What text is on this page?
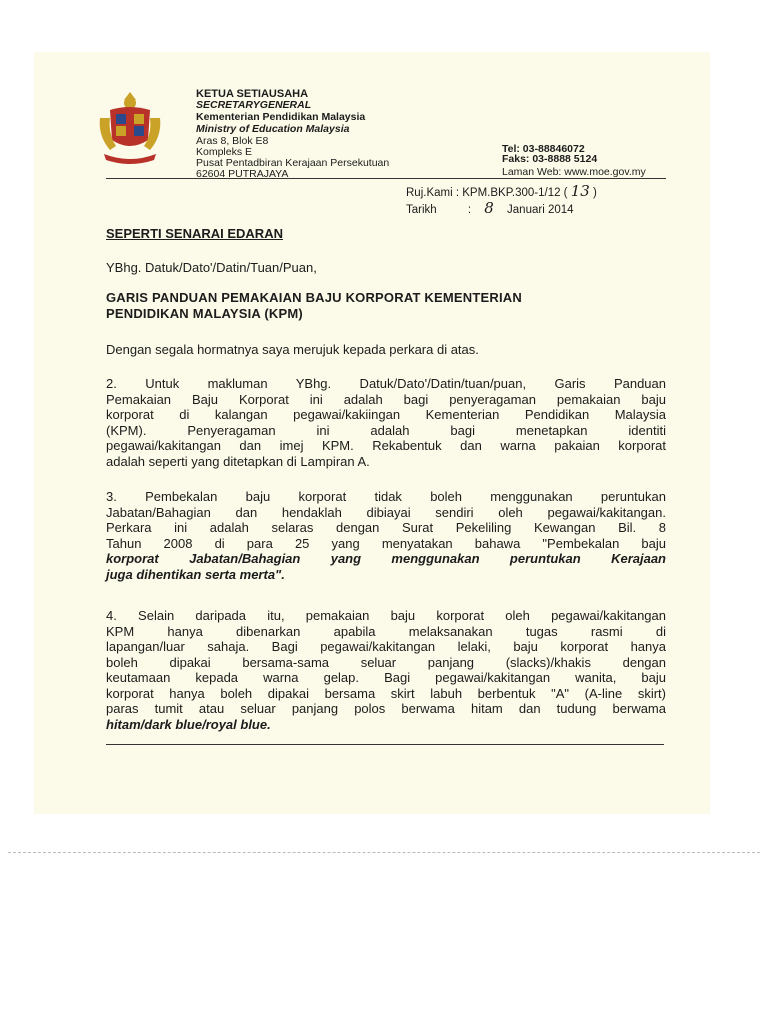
KETUA SETIAUSAHA
SECRETARYGENERAL
Kementerian Pendidikan Malaysia
Ministry of Education Malaysia
Aras 8, Blok E8
Kompleks E
Pusat Pentadbiran Kerajaan Persekutuan
62604 PUTRAJAYA
Tel: 03-88846072
Faks: 03-8888 5124
Laman Web: www.moe.gov.my
Ruj.Kami : KPM.BKP.300-1/12 ( 13 )
Tarikh	: 8 Januari 2014
SEPERTI SENARAI EDARAN
YBhg. Datuk/Dato'/Datin/Tuan/Puan,
GARIS PANDUAN PEMAKAIAN BAJU KORPORAT KEMENTERIAN
PENDIDIKAN MALAYSIA (KPM)
Dengan segala hormatnya saya merujuk kepada perkara di atas.

2. Untuk makluman YBhg. Datuk/Dato'/Datin/tuan/puan, Garis Panduan

Pemakaian Baju Korporat ini adalah bagi penyeragaman pemakaian baju

korporat di kalangan pegawai/kakiingan Kementerian Pendidikan Malaysia

(KPM). Penyeragaman ini adalah bagi menetapkan identiti

pegawai/kakitangan dan imej KPM. Rekabentuk dan warna pakaian korporat

adalah seperti yang ditetapkan di Lampiran A.

3. Pembekalan baju korporat tidak boleh menggunakan peruntukan

Jabatan/Bahagian dan hendaklah dibiayai sendiri oleh pegawai/kakitangan.

Perkara ini adalah selaras dengan Surat Pekeliling Kewangan Bil. 8

Tahun 2008 di para 25 yang menyatakan bahawa "Pembekalan baju

korporat Jabatan/Bahagian yang menggunakan peruntukan Kerajaan

juga dihentikan serta merta".

4. Selain daripada itu, pemakaian baju korporat oleh pegawai/kakitangan

KPM hanya dibenarkan apabila melaksanakan tugas rasmi di

lapangan/luar sahaja. Bagi pegawai/kakitangan lelaki, baju korporat hanya

boleh dipakai bersama-sama seluar panjang (slacks)/khakis dengan

keutamaan kepada warna gelap. Bagi pegawai/kakitangan wanita, baju

korporat hanya boleh dipakai bersama skirt labuh berbentuk "A" (A-line skirt)

paras tumit atau seluar panjang polos berwama hitam dan tudung berwama

hitam/dark blue/royal blue.
